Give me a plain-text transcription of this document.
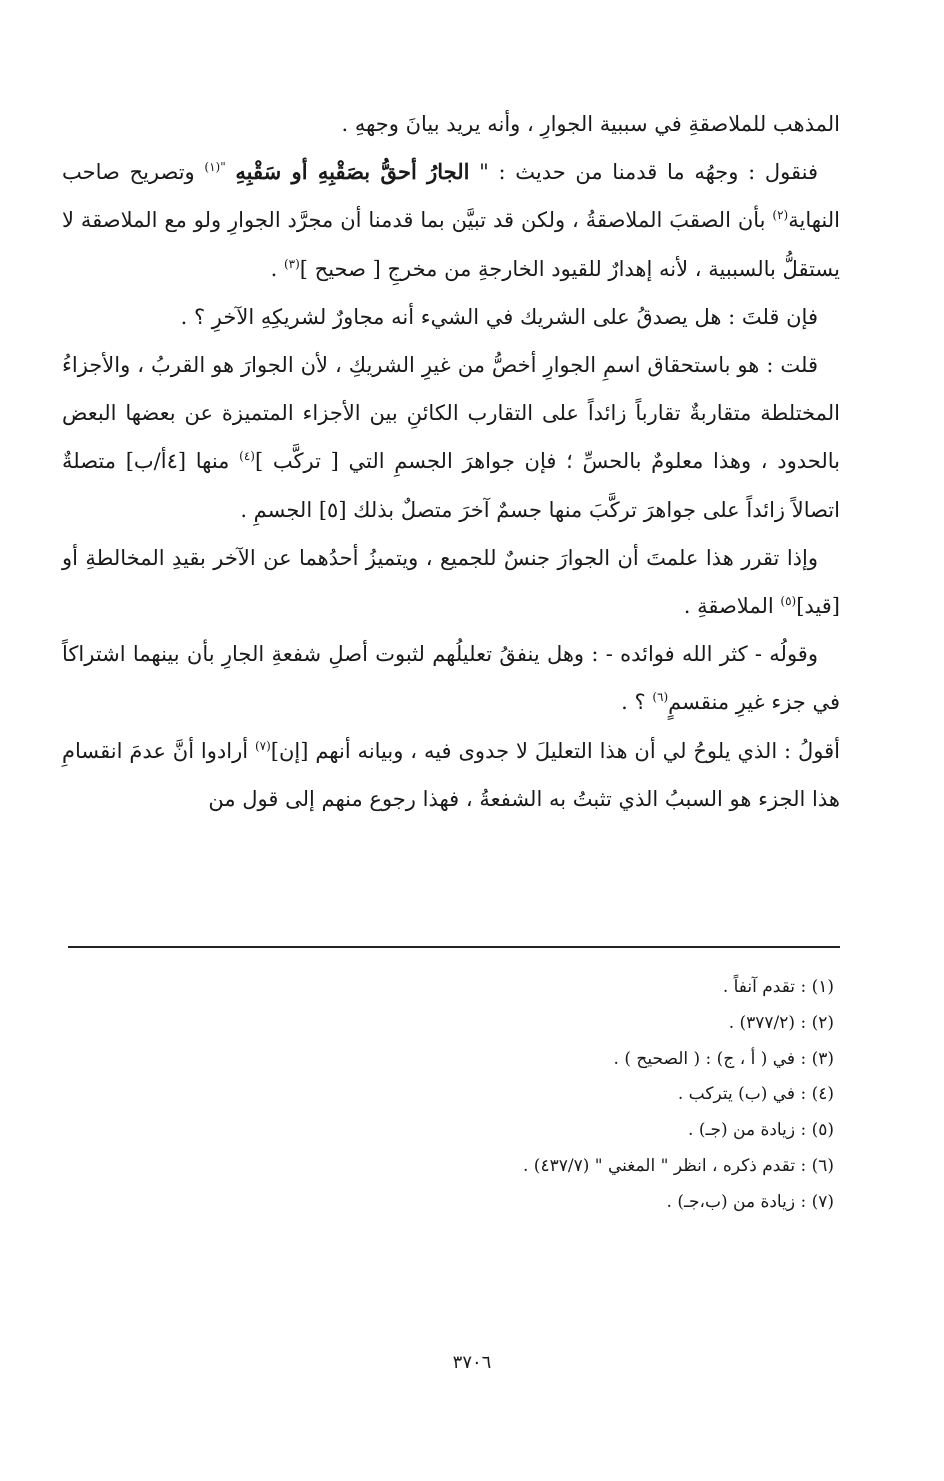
المذهب للملاصقةِ في سببية الجوارِ ، وأنه يريد بيانَ وجههِ .

فنقول : وجهُه ما قدمنا من حديث : " الجارُ أحقُّ بصَقْبِهِ أو سَقْبِهِ $^{"(١)}$ وتصريح صاحب النهاية$^{(٢)}$ بأن الصقبَ الملاصقةُ ، ولكن قد تبيَّن بما قدمنا أن مجرَّد الجوارِ ولو مع الملاصقة لا يستقلُّ بالسببية ، لأنه إهدارٌ للقيود الخارجةِ من مخرجِ [ صحيح ]$^{(٣)}$ .

فإن قلتَ : هل يصدقُ على الشريك في الشيء أنه مجاورٌ لشريكِهِ الآخرِ ؟ .

قلت : هو باستحقاق اسمِ الجوارِ أخصُّ من غيرِ الشريكِ ، لأن الجوارَ هو القربُ ، والأجزاءُ المختلطة متقاربةٌ تقارباً زائداً على التقارب الكائنِ بين الأجزاء المتميزة عن بعضها البعض بالحدود ، وهذا معلومٌ بالحسِّ ؛ فإن جواهرَ الجسمِ التي [ تركَّب ]$^{(٤)}$ منها [٤أ/ب] متصلةٌ اتصالاً زائداً على جواهرَ تركَّبَ منها جسمٌ آخرَ متصلٌ بذلك [٥] الجسمِ .

وإذا تقرر هذا علمتَ أن الجوارَ جنسٌ للجميع ، ويتميزُ أحدُهما عن الآخر بقيدِ المخالطةِ أو [قيد]$^{(٥)}$ الملاصقةِ .

وقولُه - كثر الله فوائده - : وهل ينفقُ تعليلُهم لثبوت أصلِ شفعةِ الجارِ بأن بينهما اشتراكاً في جزء غيرِ منقسمٍ$^{(٦)}$ ؟ .

أقولُ : الذي يلوحُ لي أن هذا التعليلَ لا جدوى فيه ، وبيانه أنهم [إن]$^{(٧)}$ أرادوا أنَّ عدمَ انقسامِ هذا الجزء هو السببُ الذي تثبتُ به الشفعةُ ، فهذا رجوع منهم إلى قول من

(١) : تقدم آنفاً .
(٢) : (٣٧٧/٢) .
(٣) : في ( أ ، ج) : ( الصحيح ) .
(٤) : في (ب) يتركب .
(٥) : زيادة من (جـ) .
(٦) : تقدم ذكره ، انظر " المغني " (٤٣٧/٧) .
(٧) : زيادة من (ب،جـ) .
٣٧٠٦
